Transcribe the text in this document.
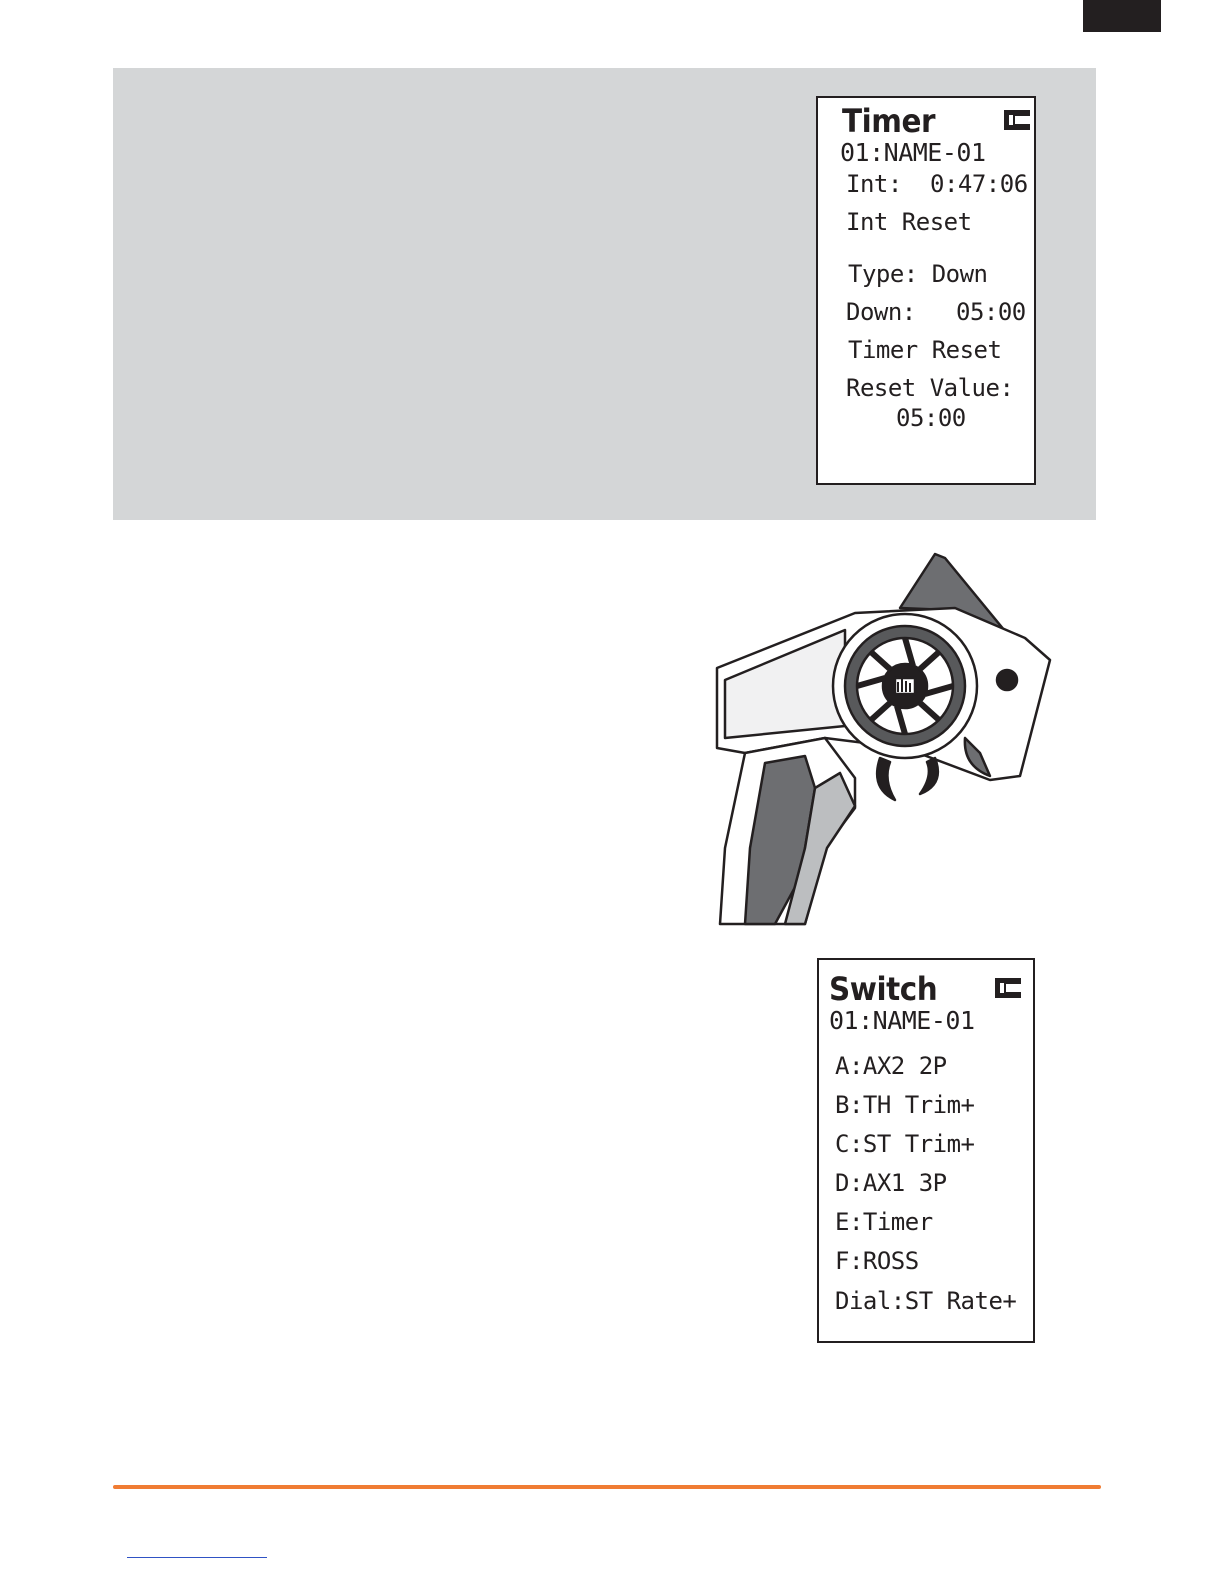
Timer
01:NAME-01
Int: 0:47:06
Int Reset
Type: Down
Down: 05:00
Timer Reset
Reset Value:
05:00
Switch
01:NAME-01
A:AX2 2P
B:TH Trim+
C:ST Trim+
D:AX1 3P
E:Timer
F:ROSS
Dial:ST Rate+
